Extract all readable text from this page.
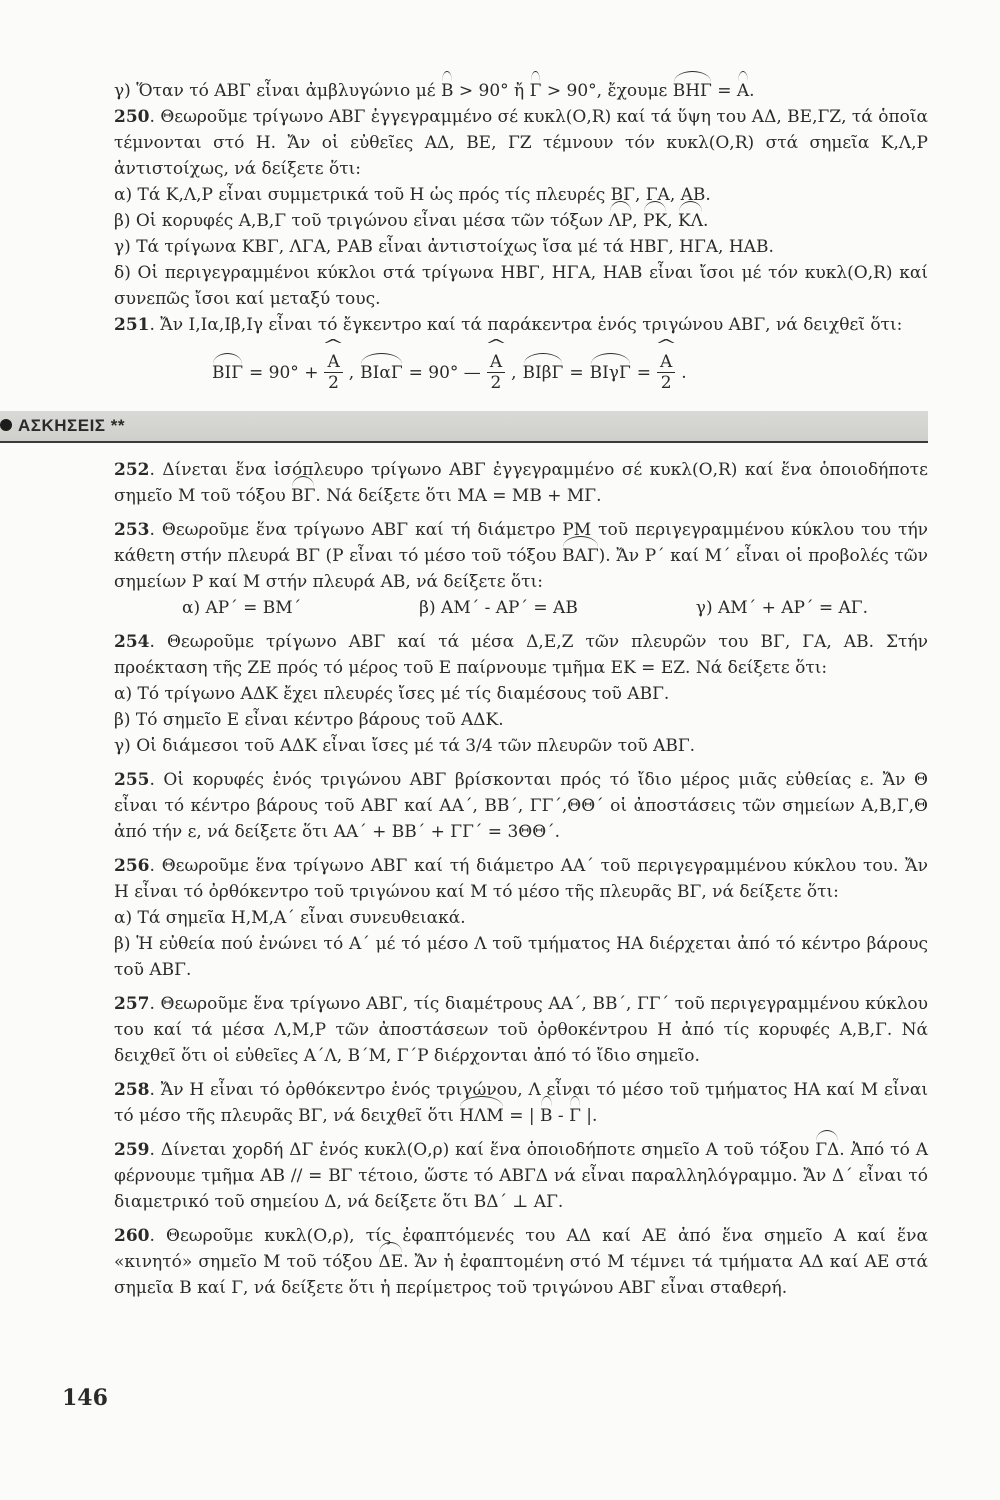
γ) Ὅταν τό ΑΒΓ εἶναι ἀμβλυγώνιο μέ Β > 90° ἤ Γ > 90°, ἔχουμε ΒΗΓ = Α.

250. Θεωροῦμε τρίγωνο ΑΒΓ ἐγγεγραμμένο σέ κυκλ(Ο,R) καί τά ὕψη του ΑΔ, ΒΕ,ΓΖ, τά ὁποῖα τέμνονται στό Η. Ἄν οἱ εὐθεῖες ΑΔ, ΒΕ, ΓΖ τέμνουν τόν κυκλ(Ο,R) στά σημεῖα Κ,Λ,Ρ ἀντιστοίχως, νά δείξετε ὅτι:

α) Τά Κ,Λ,Ρ εἶναι συμμετρικά τοῦ Η ὡς πρός τίς πλευρές ΒΓ, ΓΑ, ΑΒ.

β) Οἱ κορυφές Α,Β,Γ τοῦ τριγώνου εἶναι μέσα τῶν τόξων ΛΡ, ΡΚ, ΚΛ.

γ) Τά τρίγωνα ΚΒΓ, ΛΓΑ, ΡΑΒ εἶναι ἀντιστοίχως ἴσα μέ τά ΗΒΓ, ΗΓΑ, ΗΑΒ.

δ) Οἱ περιγεγραμμένοι κύκλοι στά τρίγωνα ΗΒΓ, ΗΓΑ, ΗΑΒ εἶναι ἴσοι μέ τόν κυκλ(Ο,R) καί συνεπῶς ἴσοι καί μεταξύ τους.

251. Ἄν Ι,Ια,Ιβ,Ιγ εἶναι τό ἔγκεντρο καί τά παράκεντρα ἑνός τριγώνου ΑΒΓ, νά δειχθεῖ ὅτι:

ΒΙΓ = 90° + ^ $\frac{A}{2}$ , ΒΙαΓ = 90° — ^ $\frac{A}{2}$ , ΒΙβΓ = ΒΙγΓ = ^ $\frac{A}{2}$ .
ΑΣΚΗΣΕΙΣ **

252. Δίνεται ἕνα ἰσόπλευρο τρίγωνο ΑΒΓ ἐγγεγραμμένο σέ κυκλ(Ο,R) καί ἕνα ὁποιοδήποτε σημεῖο Μ τοῦ τόξου ΒΓ. Νά δείξετε ὅτι ΜΑ = ΜΒ + ΜΓ.

253. Θεωροῦμε ἕνα τρίγωνο ΑΒΓ καί τή διάμετρο ΡΜ τοῦ περιγεγραμμένου κύκλου του τήν κάθετη στήν πλευρά ΒΓ (Ρ εἶναι τό μέσο τοῦ τόξου ΒΑΓ). Ἄν Ρ΄ καί Μ΄ εἶναι οἱ προβολές τῶν σημείων Ρ καί Μ στήν πλευρά ΑΒ, νά δείξετε ὅτι:

α) ΑΡ΄ = ΒΜ΄	β) ΑΜ΄ - ΑΡ΄ = ΑΒ	γ) ΑΜ΄ + ΑΡ΄ = ΑΓ.

254. Θεωροῦμε τρίγωνο ΑΒΓ καί τά μέσα Δ,Ε,Ζ τῶν πλευρῶν του ΒΓ, ΓΑ, ΑΒ. Στήν προέκταση τῆς ΖΕ πρός τό μέρος τοῦ Ε παίρνουμε τμῆμα ΕΚ = ΕΖ. Νά δείξετε ὅτι:

α) Τό τρίγωνο ΑΔΚ ἔχει πλευρές ἴσες μέ τίς διαμέσους τοῦ ΑΒΓ.

β) Τό σημεῖο Ε εἶναι κέντρο βάρους τοῦ ΑΔΚ.

γ) Οἱ διάμεσοι τοῦ ΑΔΚ εἶναι ἴσες μέ τά 3/4 τῶν πλευρῶν τοῦ ΑΒΓ.

255. Οἱ κορυφές ἑνός τριγώνου ΑΒΓ βρίσκονται πρός τό ἴδιο μέρος μιᾶς εὐθείας ε. Ἄν Θ εἶναι τό κέντρο βάρους τοῦ ΑΒΓ καί ΑΑ΄, ΒΒ΄, ΓΓ΄,ΘΘ΄ οἱ ἀποστάσεις τῶν σημείων Α,Β,Γ,Θ ἀπό τήν ε, νά δείξετε ὅτι ΑΑ΄ + ΒΒ΄ + ΓΓ΄ = 3ΘΘ΄.

256. Θεωροῦμε ἕνα τρίγωνο ΑΒΓ καί τή διάμετρο ΑΑ΄ τοῦ περιγεγραμμένου κύκλου του. Ἄν Η εἶναι τό ὀρθόκεντρο τοῦ τριγώνου καί Μ τό μέσο τῆς πλευρᾶς ΒΓ, νά δείξετε ὅτι:

α) Τά σημεῖα Η,Μ,Α΄ εἶναι συνευθειακά.

β) Ἡ εὐθεία πού ἑνώνει τό Α΄ μέ τό μέσο Λ τοῦ τμήματος ΗΑ διέρχεται ἀπό τό κέντρο βάρους τοῦ ΑΒΓ.

257. Θεωροῦμε ἕνα τρίγωνο ΑΒΓ, τίς διαμέτρους ΑΑ΄, ΒΒ΄, ΓΓ΄ τοῦ περιγεγραμμένου κύκλου του καί τά μέσα Λ,Μ,Ρ τῶν ἀποστάσεων τοῦ ὀρθοκέντρου Η ἀπό τίς κορυφές Α,Β,Γ. Νά δειχθεῖ ὅτι οἱ εὐθεῖες Α΄Λ, Β΄Μ, Γ΄Ρ διέρχονται ἀπό τό ἴδιο σημεῖο.

258. Ἄν Η εἶναι τό ὀρθόκεντρο ἑνός τριγώνου, Λ εἶναι τό μέσο τοῦ τμήματος ΗΑ καί Μ εἶναι τό μέσο τῆς πλευρᾶς ΒΓ, νά δειχθεῖ ὅτι ΗΛΜ = | Β - Γ |.

259. Δίνεται χορδή ΔΓ ἑνός κυκλ(Ο,ρ) καί ἕνα ὁποιοδήποτε σημεῖο Α τοῦ τόξου ΓΔ. Ἀπό τό Α φέρνουμε τμῆμα ΑΒ // = ΒΓ τέτοιο, ὥστε τό ΑΒΓΔ νά εἶναι παραλληλόγραμμο. Ἄν Δ΄ εἶναι τό διαμετρικό τοῦ σημείου Δ, νά δείξετε ὅτι ΒΔ΄ ⊥ ΑΓ.

260. Θεωροῦμε κυκλ(Ο,ρ), τίς ἐφαπτόμενές του ΑΔ καί ΑΕ ἀπό ἕνα σημεῖο Α καί ἕνα «κινητό» σημεῖο Μ τοῦ τόξου ΔΕ. Ἄν ἡ ἐφαπτομένη στό Μ τέμνει τά τμήματα ΑΔ καί ΑΕ στά σημεῖα Β καί Γ, νά δείξετε ὅτι ἡ περίμετρος τοῦ τριγώνου ΑΒΓ εἶναι σταθερή.

146
